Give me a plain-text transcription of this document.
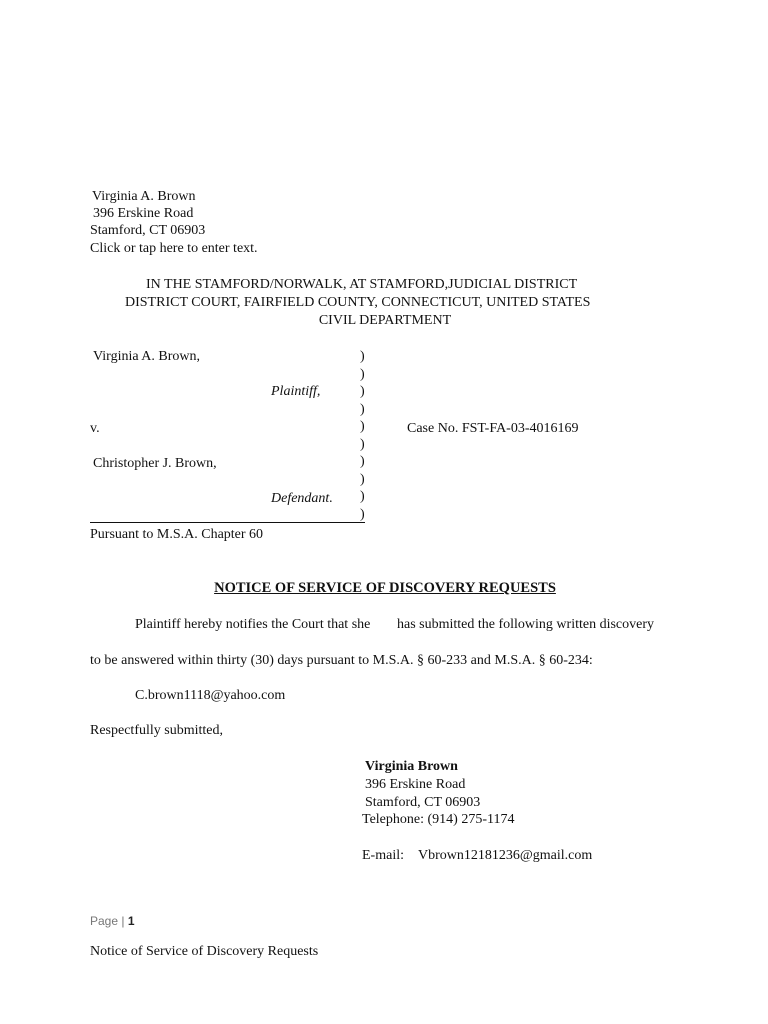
Virginia A. Brown
396 Erskine Road
Stamford, CT 06903
Click or tap here to enter text.
IN THE STAMFORD/NORWALK, AT STAMFORD,JUDICIAL DISTRICT
DISTRICT COURT, FAIRFIELD COUNTY, CONNECTICUT, UNITED STATES
CIVIL DEPARTMENT
Virginia A. Brown,
Plaintiff,
v.	Case No. FST-FA-03-4016169
Christopher J. Brown,
Defendant.
)
)
)
)
)
)
)
)
)
)
Pursuant to M.S.A. Chapter 60
NOTICE OF SERVICE OF DISCOVERY REQUESTS
Plaintiff hereby notifies the Court that she	has submitted the following written discovery
to be answered within thirty (30) days pursuant to M.S.A. § 60-233 and M.S.A. § 60-234:
C.brown1118@yahoo.com
Respectfully submitted,
Virginia Brown
396 Erskine Road
Stamford, CT 06903
Telephone: (914) 275-1174
E-mail: Vbrown12181236@gmail.com
Page | 1
Notice of Service of Discovery Requests
